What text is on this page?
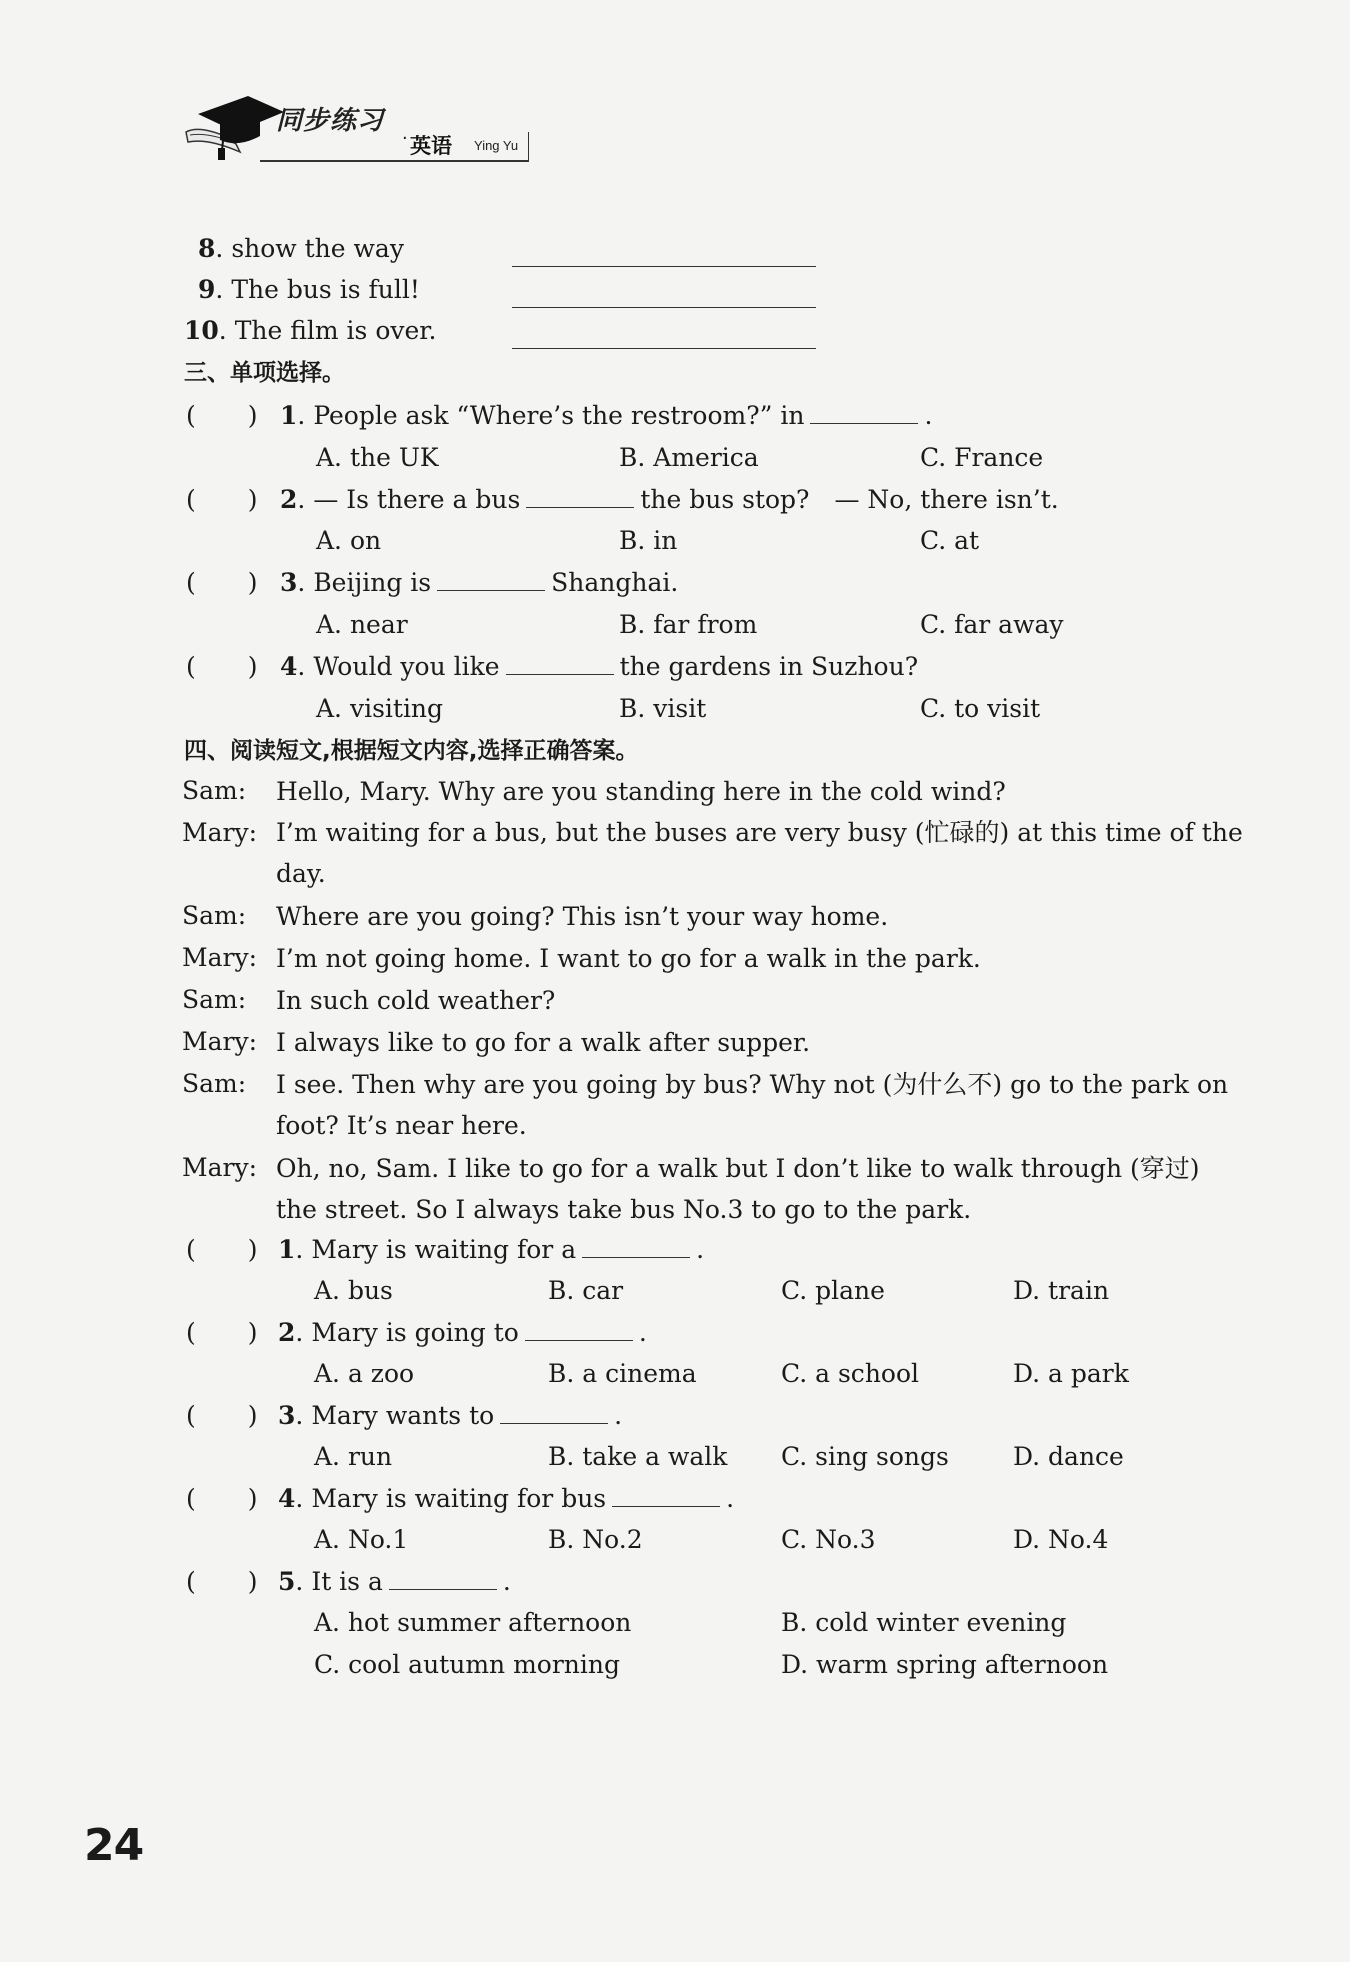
同步练习
· 英语 Ying Yu
8. show the way
9. The bus is full!
10. The film is over.
三、单项选择。
( ) 1. People ask “Where’s the restroom?” in	.
A. the UK	B. America	C. France
( ) 2. — Is there a bus	the bus stop?　— No, there isn’t.
A. on	B. in	C. at
( ) 3. Beijing is	Shanghai.
A. near	B. far from	C. far away
( ) 4. Would you like	the gardens in Suzhou?
A. visiting	B. visit	C. to visit
四、阅读短文,根据短文内容,选择正确答案。
Sam: Hello, Mary. Why are you standing here in the cold wind?
Mary: I’m waiting for a bus, but the buses are very busy (忙碌的) at this time of the day.
Sam: Where are you going? This isn’t your way home.
Mary: I’m not going home. I want to go for a walk in the park.
Sam: In such cold weather?
Mary: I always like to go for a walk after supper.
Sam: I see. Then why are you going by bus? Why not (为什么不) go to the park on foot? It’s near here.
Mary: Oh, no, Sam. I like to go for a walk but I don’t like to walk through (穿过) the street. So I always take bus No.3 to go to the park.
( ) 1. Mary is waiting for a	.
A. bus	B. car	C. plane	D. train
( ) 2. Mary is going to	.
A. a zoo	B. a cinema	C. a school	D. a park
( ) 3. Mary wants to	.
A. run	B. take a walk C. sing songs	D. dance
( ) 4. Mary is waiting for bus	.
A. No.1	B. No.2	C. No.3	D. No.4
( ) 5. It is a	.
A. hot summer afternoon	B. cold winter evening
C. cool autumn morning	D. warm spring afternoon
24
